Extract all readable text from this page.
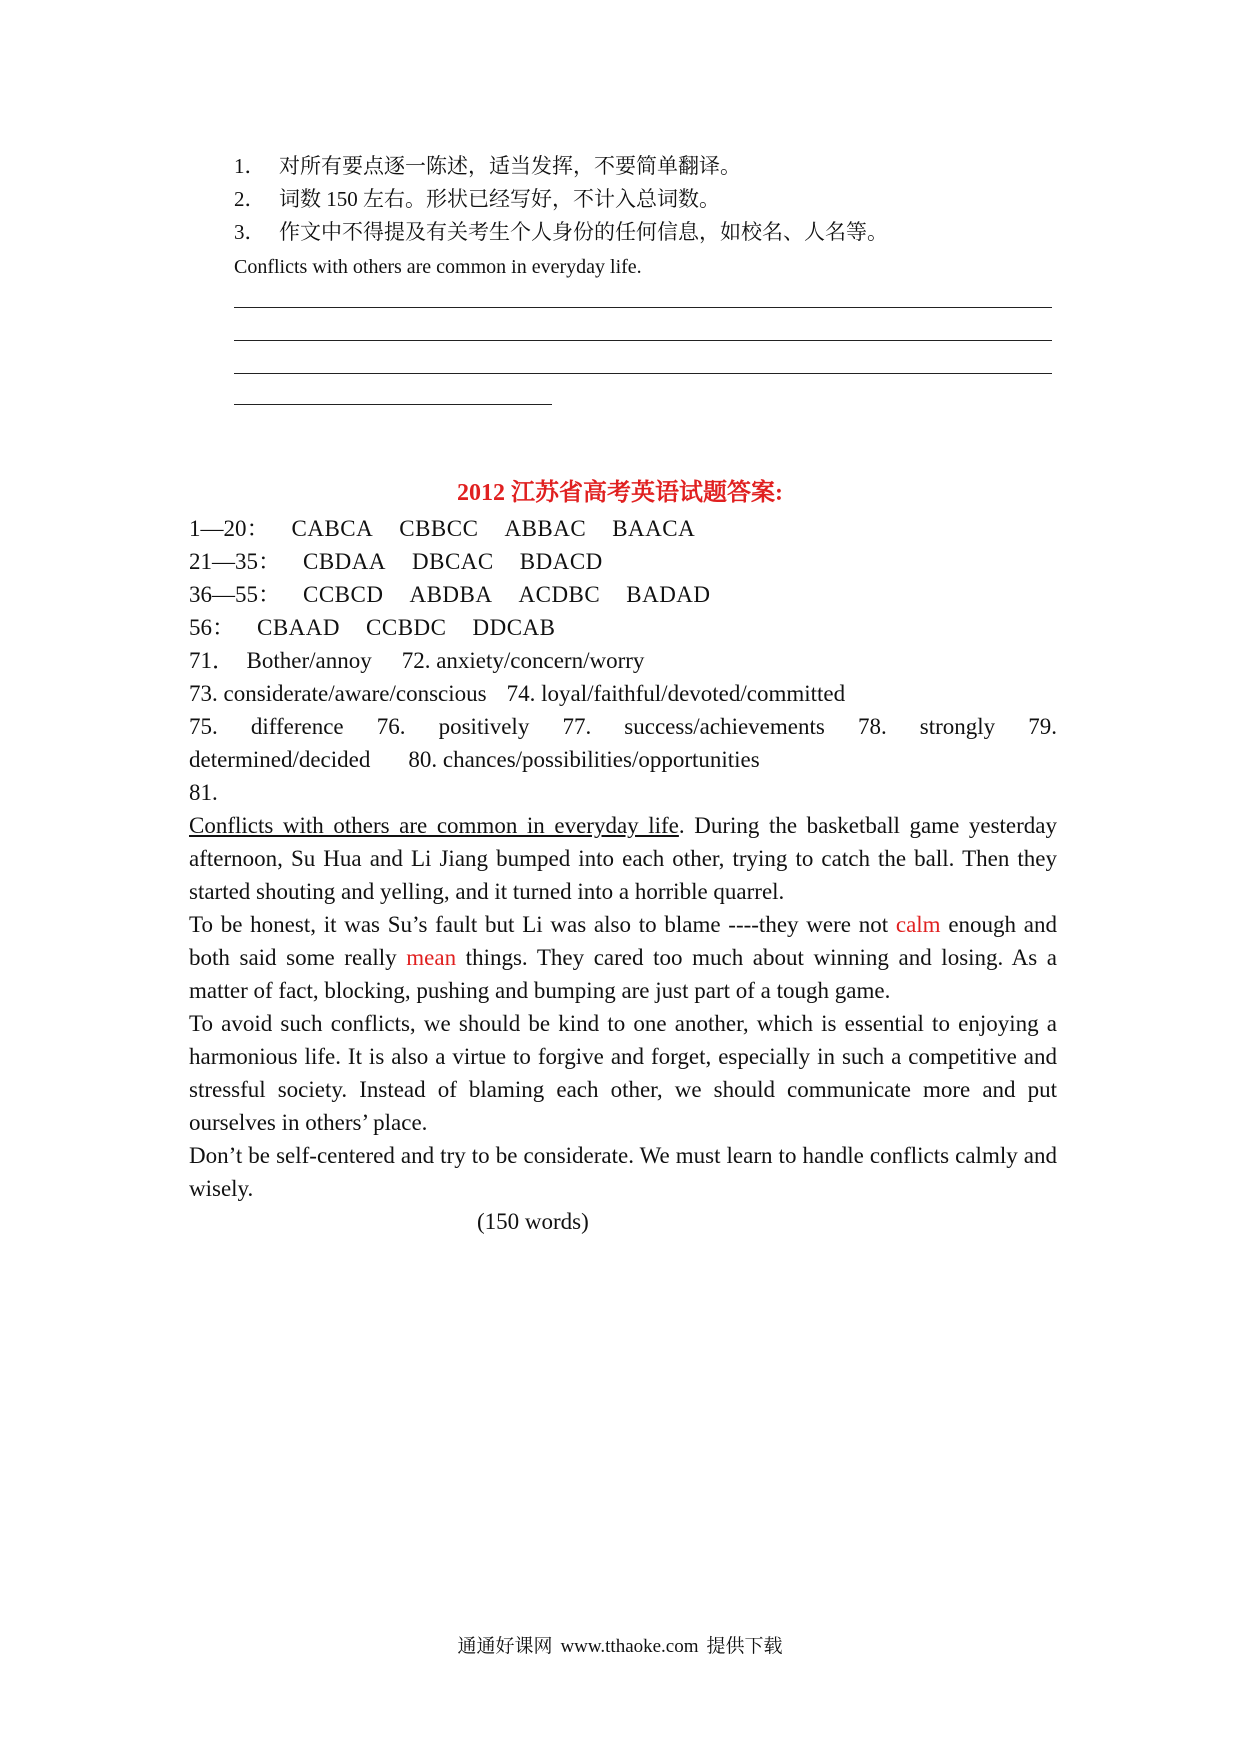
1． 对所有要点逐一陈述，适当发挥，不要简单翻译。
2． 词数 150 左右。形状已经写好，不计入总词数。
3． 作文中不得提及有关考生个人身份的任何信息，如校名、人名等。
Conflicts with others are common in everyday life.
2012 江苏省高考英语试题答案:
1—20： CABCA CBBCC ABBAC BAACA
21—35： CBDAA DBCAC BDACD
36—55： CCBCD ABDBA ACDBC BADAD
56： CBAAD CCBDC DDCAB
71．　Bother/annoy 72. anxiety/concern/worry
73. considerate/aware/conscious 74. loyal/faithful/devoted/committed
75. difference 76. positively 77. success/achievements 78. strongly 79.
determined/decided 80. chances/possibilities/opportunities
81.

Conflicts with others are common in everyday life. During the basketball game yesterday afternoon, Su Hua and Li Jiang bumped into each other, trying to catch the ball. Then they started shouting and yelling, and it turned into a horrible quarrel.

To be honest, it was Su’s fault but Li was also to blame ----they were not calm enough and both said some really mean things. They cared too much about winning and losing. As a matter of fact, blocking, pushing and bumping are just part of a tough game.

To avoid such conflicts, we should be kind to one another, which is essential to enjoying a harmonious life. It is also a virtue to forgive and forget, especially in such a competitive and stressful society. Instead of blaming each other, we should communicate more and put ourselves in others’ place.

Don’t be self-centered and try to be considerate. We must learn to handle conflicts calmly and wisely.

(150 words)
通通好课网 www.tthaoke.com 提供下载
